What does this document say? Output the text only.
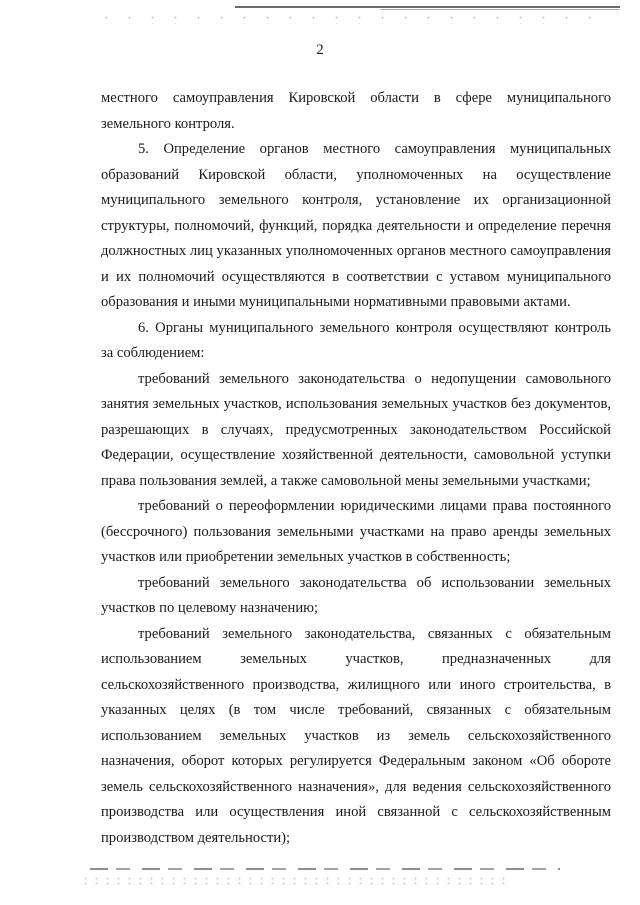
2

местного самоуправления Кировской области в сфере муниципального земельного контроля.

5. Определение органов местного самоуправления муниципальных образований Кировской области, уполномоченных на осуществление муниципального земельного контроля, установление их организационной структуры, полномочий, функций, порядка деятельности и определение перечня должностных лиц указанных уполномоченных органов местного самоуправления и их полномочий осуществляются в соответствии с уставом муниципального образования и иными муниципальными нормативными правовыми актами.

6. Органы муниципального земельного контроля осуществляют контроль за соблюдением:

требований земельного законодательства о недопущении самовольного занятия земельных участков, использования земельных участков без документов, разрешающих в случаях, предусмотренных законодательством Российской Федерации, осуществление хозяйственной деятельности, самовольной уступки права пользования землей, а также самовольной мены земельными участками;

требований о переоформлении юридическими лицами права постоянного (бессрочного) пользования земельными участками на право аренды земельных участков или приобретении земельных участков в собственность;

требований земельного законодательства об использовании земельных участков по целевому назначению;

требований земельного законодательства, связанных с обязательным использованием земельных участков, предназначенных для сельскохозяйственного производства, жилищного или иного строительства, в указанных целях (в том числе требований, связанных с обязательным использованием земельных участков из земель сельскохозяйственного назначения, оборот которых регулируется Федеральным законом «Об обороте земель сельскохозяйственного назначения», для ведения сельскохозяйственного производства или осуществления иной связанной с сельскохозяйственным производством деятельности);
